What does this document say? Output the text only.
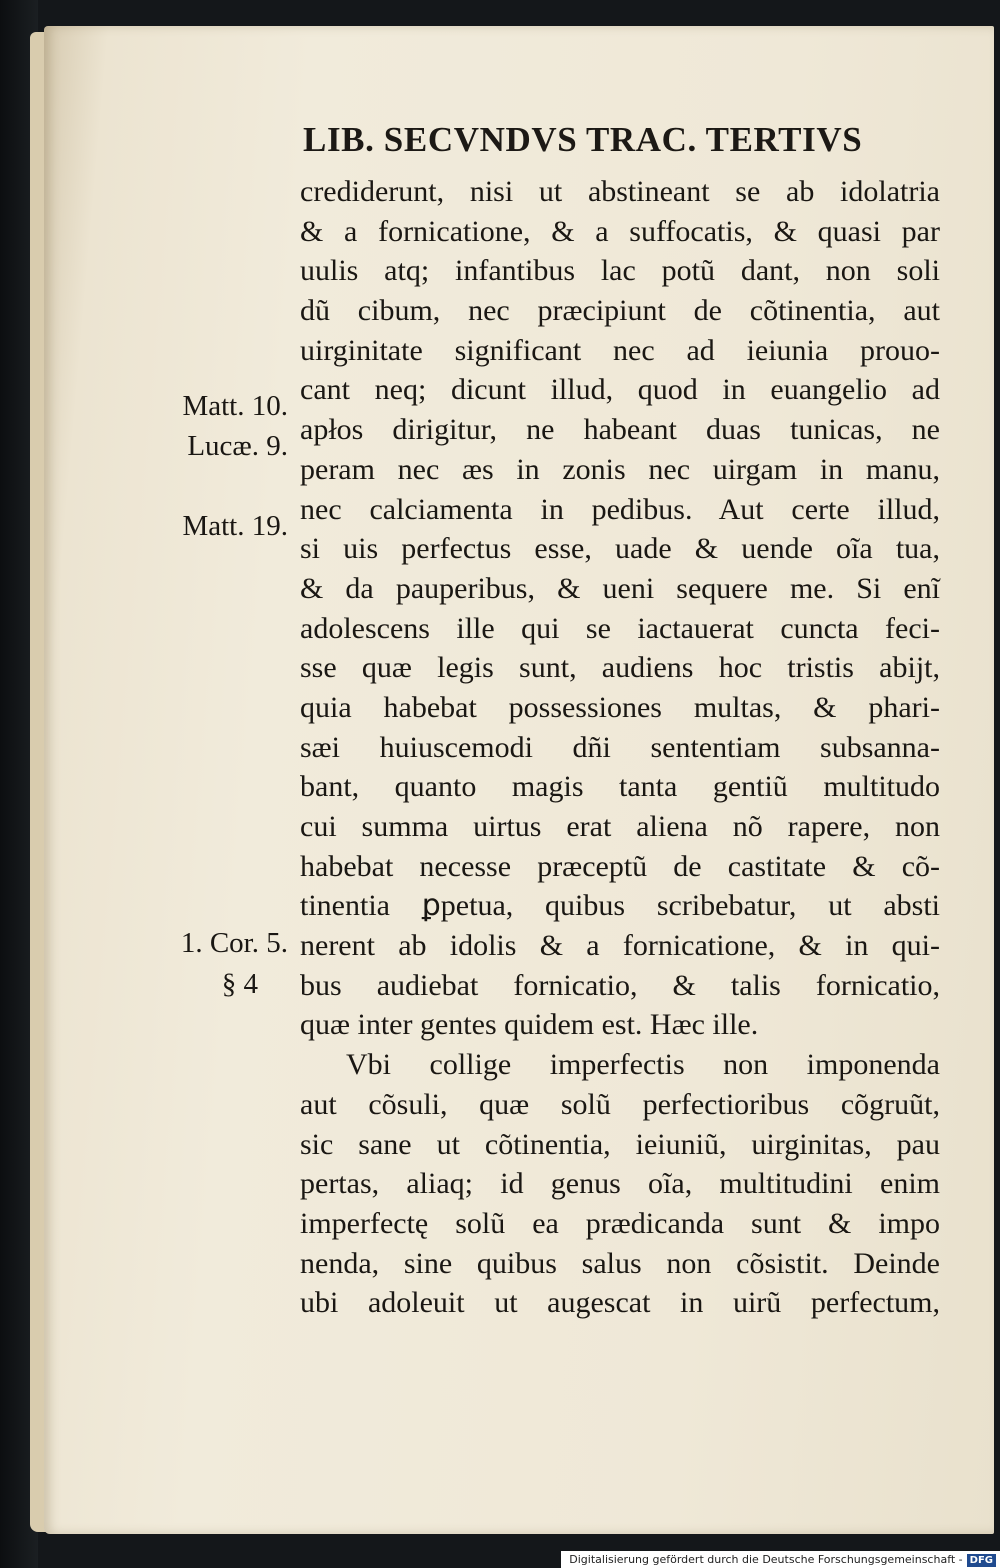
LIB. SECVNDVS TRAC. TERTIVS
Matt. 10.
Lucæ. 9.
Matt. 19.
1. Cor. 5.
§ 4
crediderunt, nisi ut abstineant se ab idolatria
& a fornicatione, & a suffocatis, & quasi par
uulis atq; infantibus lac potũ dant, non soli
dũ cibum, nec præcipiunt de cõtinentia, aut
uirginitate significant nec ad ieiunia prouo-
cant neq; dicunt illud, quod in euangelio ad
apłos dirigitur, ne habeant duas tunicas, ne
peram nec æs in zonis nec uirgam in manu,
nec calciamenta in pedibus. Aut certe illud,
si uis perfectus esse, uade & uende oĩa tua,
& da pauperibus, & ueni sequere me. Si enĩ
adolescens ille qui se iactauerat cuncta feci-
sse quæ legis sunt, audiens hoc tristis abijt,
quia habebat possessiones multas, & phari-
sæi huiuscemodi dñi sententiam subsanna-
bant, quanto magis tanta gentiũ multitudo
cui summa uirtus erat aliena nõ rapere, non
habebat necesse præceptũ de castitate & cõ-
tinentia ꝑpetua, quibus scribebatur, ut absti
nerent ab idolis & a fornicatione, & in qui-
bus audiebat fornicatio, & talis fornicatio,
quæ inter gentes quidem est. Hæc ille.
Vbi collige imperfectis non imponenda
aut cõsuli, quæ solũ perfectioribus cõgruũt,
sic sane ut cõtinentia, ieiuniũ, uirginitas, pau
pertas, aliaq; id genus oĩa, multitudini enim
imperfectę solũ ea prædicanda sunt & impo
nenda, sine quibus salus non cõsistit. Deinde
ubi adoleuit ut augescat in uirũ perfectum,
Digitalisierung gefördert durch die Deutsche Forschungsgemeinschaft - DFG
